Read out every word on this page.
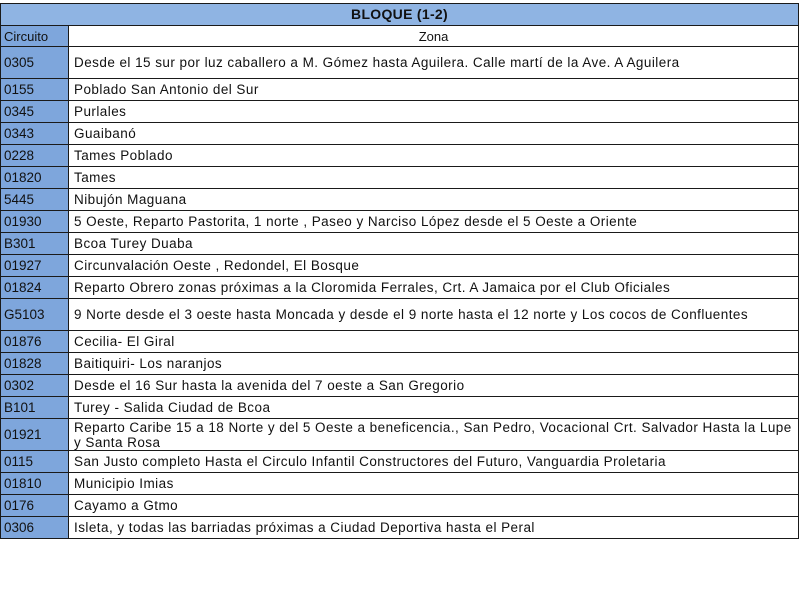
BLOQUE (1-2)	
Circuito	Zona
0305	Desde el 15 sur por luz caballero a M. Gómez hasta Aguilera. Calle martí de la Ave. A Aguilera
0155	Poblado San Antonio del Sur
0345	Purlales
0343	Guaibanó
0228	Tames Poblado
01820	Tames
5445	Nibujón Maguana
01930	5 Oeste, Reparto Pastorita, 1 norte , Paseo y Narciso López desde el 5 Oeste a Oriente
B301	Bcoa Turey Duaba
01927	Circunvalación Oeste , Redondel, El Bosque
01824	Reparto Obrero zonas próximas a la Cloromida Ferrales, Crt. A Jamaica por el Club Oficiales
G5103	9 Norte desde el 3 oeste hasta Moncada y desde el 9 norte hasta el 12 norte y Los cocos de Confluentes
01876	Cecilia- El Giral
01828	Baitiquiri- Los naranjos
0302	Desde el 16 Sur hasta la avenida del 7 oeste a San Gregorio
B101	Turey - Salida Ciudad de Bcoa
01921	Reparto Caribe 15 a 18 Norte y del 5 Oeste a beneficencia., San Pedro, Vocacional Crt. Salvador Hasta la Lupe y Santa Rosa
0115	San Justo completo Hasta el Circulo Infantil Constructores del Futuro, Vanguardia Proletaria
01810	Municipio Imias
0176	Cayamo a Gtmo
0306	Isleta, y todas las barriadas próximas a Ciudad Deportiva hasta el Peral
